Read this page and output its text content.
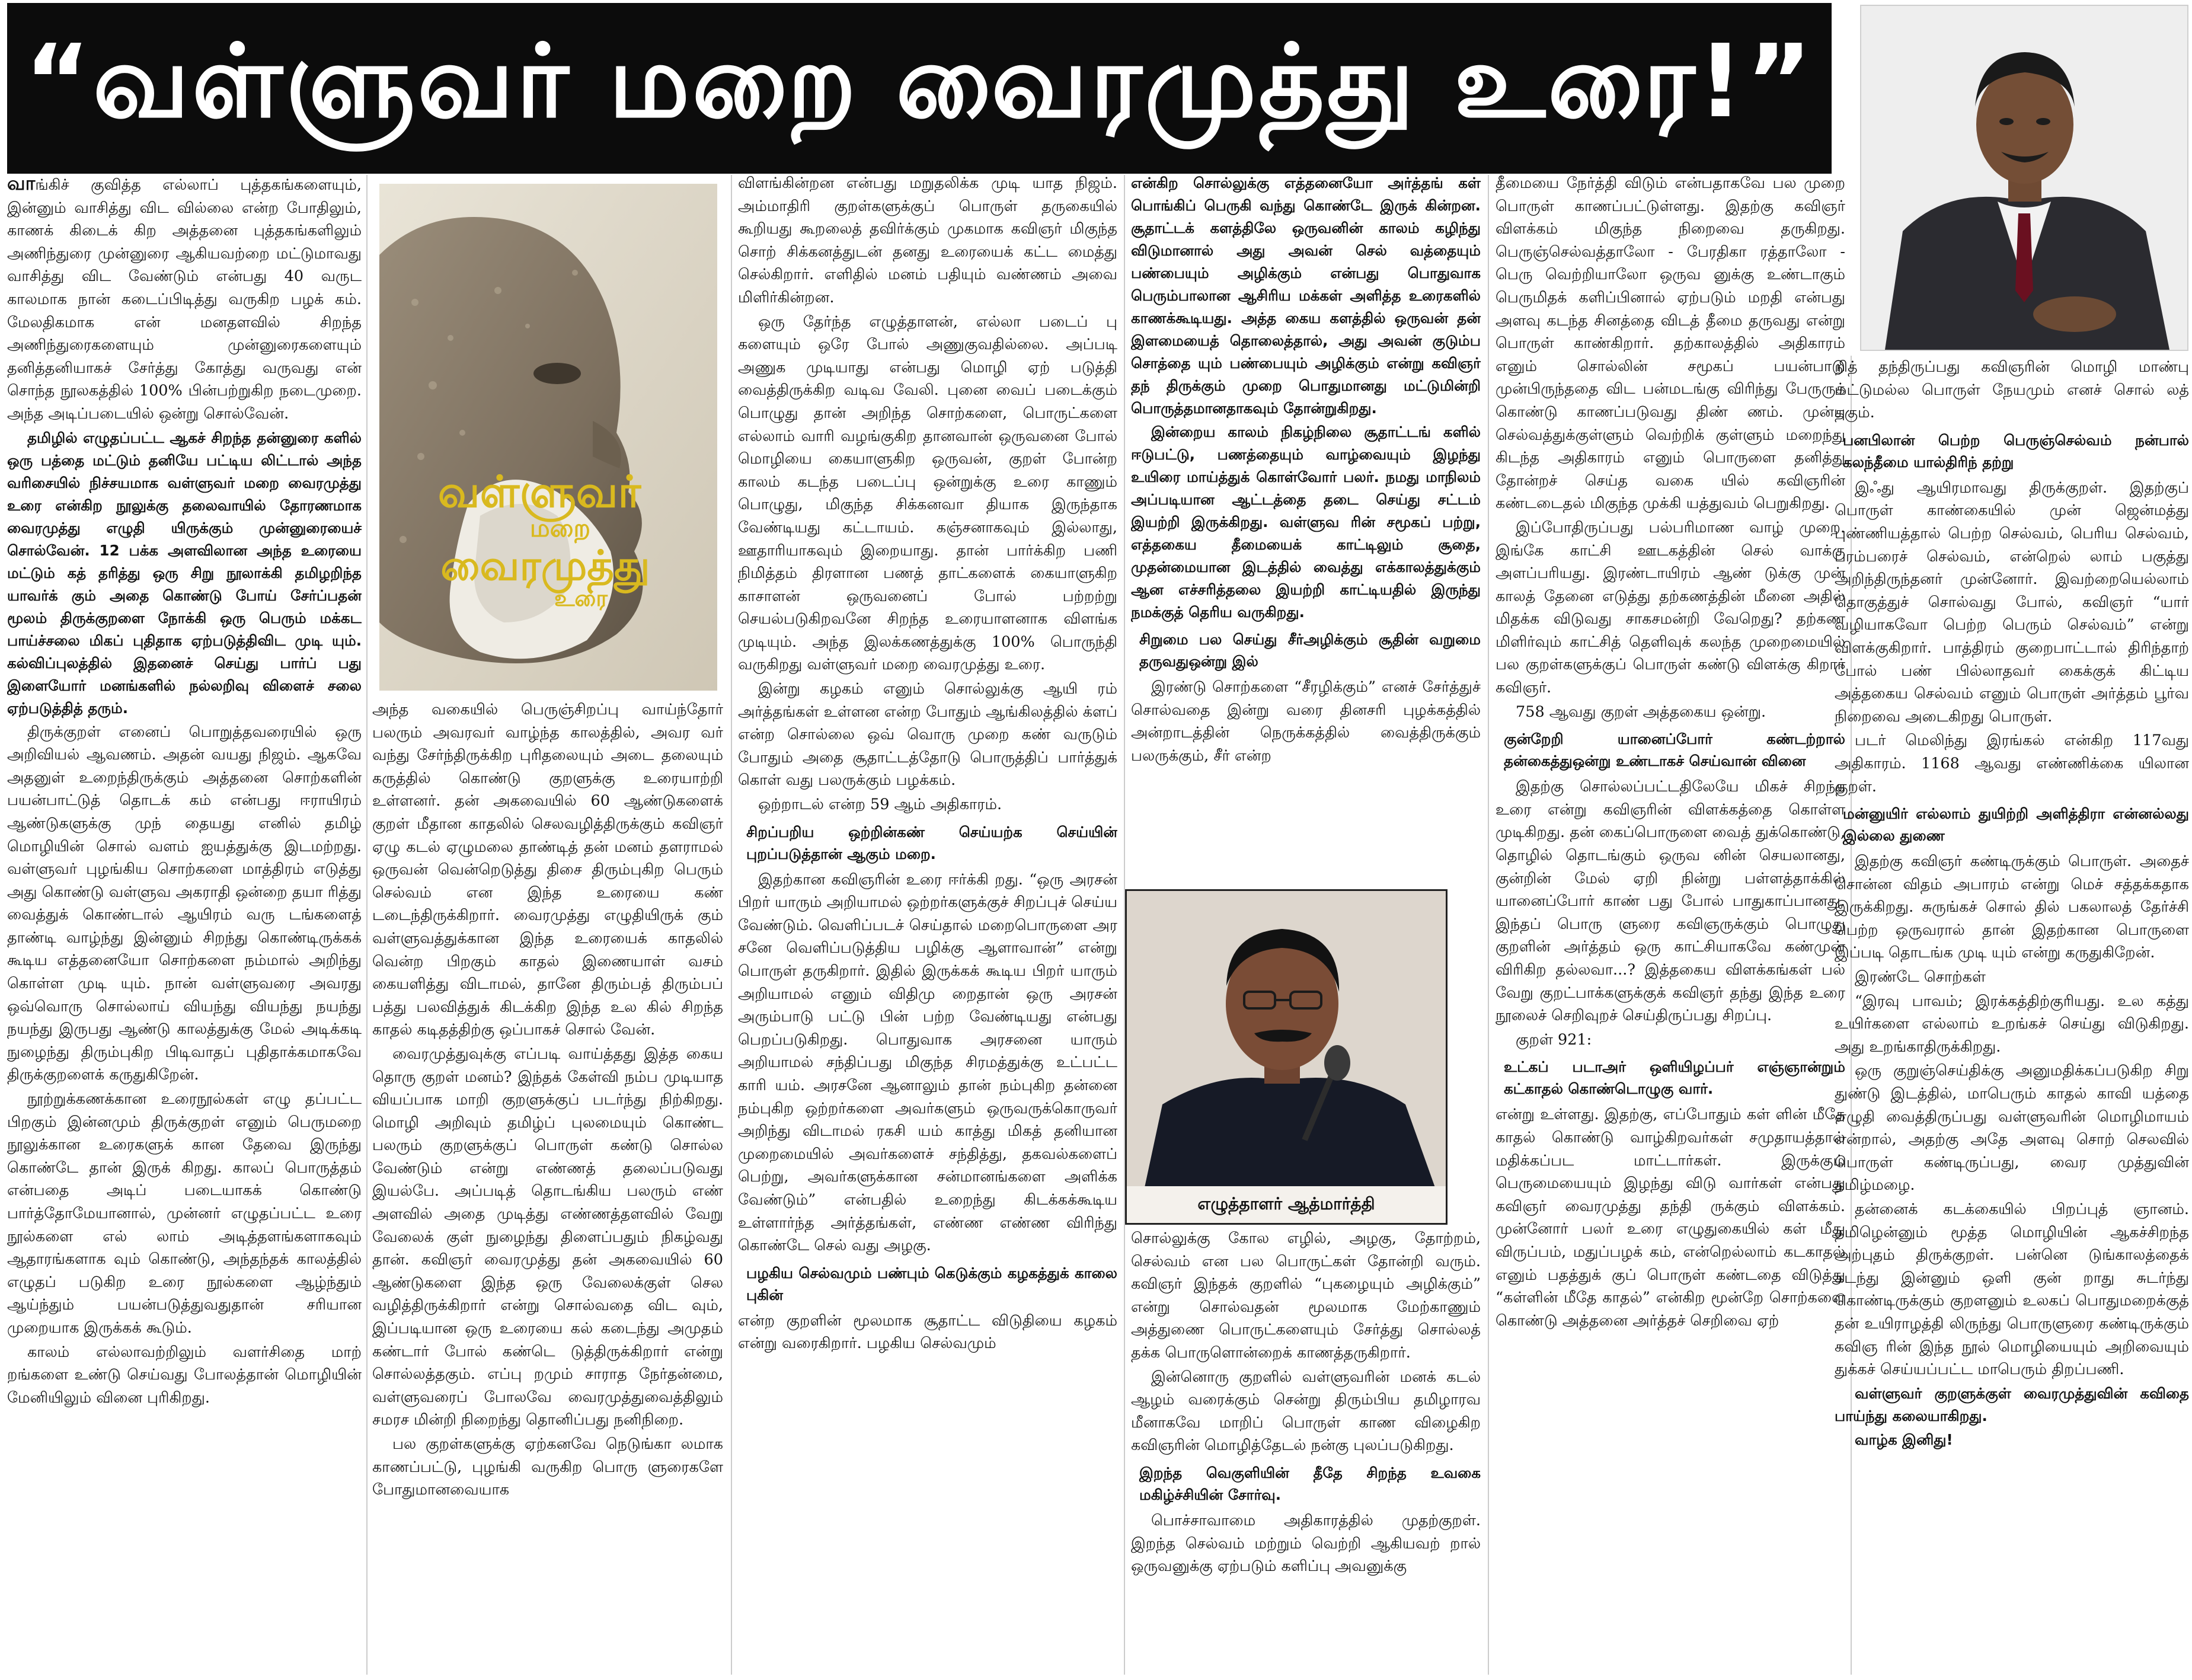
“வள்ளுவர் மறை வைரமுத்து உரை!”
வள்ளுவர்
மறை
வைரமுத்து
உரை
எழுத்தாளர் ஆத்மார்த்தி

வாங்கிச் குவித்த எல்லாப் புத்தகங்களையும், இன்னும் வாசித்து விட வில்லை என்ற போதிலும், காணக் கிடைக் கிற அத்தனை புத்தகங்களிலும் அணிந்துரை முன்னுரை ஆகியவற்றை மட்டுமாவது வாசித்து விட வேண்டும் என்பது 40 வருட காலமாக நான் கடைப்பிடித்து வருகிற பழக் கம். மேலதிகமாக என் மனதளவில் சிறந்த அணிந்துரைகளையும் முன்னுரைகளையும் தனித்தனியாகச் சேர்த்து கோத்து வருவது என் சொந்த நூலகத்தில் 100% பின்பற்றுகிற நடைமுறை. அந்த அடிப்படையில் ஒன்று சொல்வேன்.

தமிழில் எழுதப்பட்ட ஆகச் சிறந்த தன்னுரை களில் ஒரு பத்தை மட்டும் தனியே பட்டிய லிட்டால் அந்த வரிசையில் நிச்சயமாக வள்ளுவர் மறை வைரமுத்து உரை என்கிற நூலுக்கு தலைவாயில் தோரணமாக வைரமுத்து எழுதி யிருக்கும் முன்னுரையைச் சொல்வேன். 12 பக்க அளவிலான அந்த உரையை மட்டும் கத் தரித்து ஒரு சிறு நூலாக்கி தமிழறிந்த யாவர்க் கும் அதை கொண்டு போய் சேர்ப்பதன் மூலம் திருக்குறளை நோக்கி ஒரு பெரும் மக்கட பாய்ச்சலை மிகப் புதிதாக ஏற்படுத்திவிட முடி யும். கல்விப்புலத்தில் இதனைச் செய்து பார்ப் பது இளையோர் மனங்களில் நல்லறிவு விளைச் சலை ஏற்படுத்தித் தரும்.

திருக்குறள் எனைப் பொறுத்தவரையில் ஒரு அறிவியல் ஆவணம். அதன் வயது நிஜம். ஆகவே அதனுள் உறைந்திருக்கும் அத்தனை சொற்களின் பயன்பாட்டுத் தொடக் கம் என்பது ஈராயிரம் ஆண்டுகளுக்கு முந் தையது எனில் தமிழ் மொழியின் சொல் வளம் ஐயத்துக்கு இடமற்றது. வள்ளுவர் புழங்கிய சொற்களை மாத்திரம் எடுத்து அது கொண்டு வள்ளுவ அகராதி ஒன்றை தயா ரித்து வைத்துக் கொண்டால் ஆயிரம் வரு டங்களைத் தாண்டி வாழ்ந்து இன்னும் சிறந்து கொண்டிருக்கக் கூடிய எத்தனையோ சொற்களை நம்மால் அறிந்து கொள்ள முடி யும். நான் வள்ளுவரை அவரது ஒவ்வொரு சொல்லாய் வியந்து வியந்து நயந்து நயந்து இருபது ஆண்டு காலத்துக்கு மேல் அடிக்கடி நுழைந்து திரும்புகிற பிடிவாதப் புதிதாக்கமாகவே திருக்குறளைக் கருதுகிறேன்.

நூற்றுக்கணக்கான உரைநூல்கள் எழு தப்பட்ட பிறகும் இன்னமும் திருக்குறள் எனும் பெருமறை நூலுக்கான உரைகளுக் கான தேவை இருந்து கொண்டே தான் இருக் கிறது. காலப் பொருத்தம் என்பதை அடிப் படையாகக் கொண்டு பார்த்தோமேயானால், முன்னர் எழுதப்பட்ட உரை நூல்களை எல் லாம் அடித்தளங்களாகவும் ஆதாரங்களாக வும் கொண்டு, அந்தந்தக் காலத்தில் எழுதப் படுகிற உரை நூல்களை ஆழ்ந்தும் ஆய்ந்தும் பயன்படுத்துவதுதான் சரியான முறையாக இருக்கக் கூடும்.

காலம் எல்லாவற்றிலும் வளர்சிதை மாற் றங்களை உண்டு செய்வது போலத்தான் மொழியின் மேனியிலும் வினை புரிகிறது.

அந்த வகையில் பெருஞ்சிறப்பு வாய்ந்தோர் பலரும் அவரவர் வாழ்ந்த காலத்தில், அவர வர் வந்து சேர்ந்திருக்கிற புரிதலையும் அடை தலையும் கருத்தில் கொண்டு குறளுக்கு உரையாற்றி உள்ளனர். தன் அகவையில் 60 ஆண்டுகளைக் குறள் மீதான காதலில் செலவழித்திருக்கும் கவிஞர் ஏழு கடல் ஏழுமலை தாண்டித் தன் மனம் தளராமல் ஒருவன் வென்றெடுத்து திசை திரும்புகிற பெரும் செல்வம் என இந்த உரையை கண் டடைந்திருக்கிறார். வைரமுத்து எழுதியிருக் கும் வள்ளுவத்துக்கான இந்த உரையைக் காதலில் வென்ற பிறகும் காதல் இணையாள் வசம் கையளித்து விடாமல், தானே திரும்பத் திரும்பப் பத்து பலவித்துக் கிடக்கிற இந்த உல கில் சிறந்த காதல் கடிதத்திற்கு ஒப்பாகச் சொல் வேன்.

வைரமுத்துவுக்கு எப்படி வாய்த்தது இத்த கைய தொரு குறள் மனம்? இந்தக் கேள்வி நம்ப முடியாத வியப்பாக மாறி குறளுக்குப் படர்ந்து நிற்கிறது. மொழி அறிவும் தமிழ்ப் புலமையும் கொண்ட பலரும் குறளுக்குப் பொருள் கண்டு சொல்ல வேண்டும் என்று எண்ணத் தலைப்படுவது இயல்பே. அப்படித் தொடங்கிய பலரும் எண் அளவில் அதை முடித்து எண்ணத்தளவில் வேறு வேலைக் குள் நுழைந்து திளைப்பதும் நிகழ்வது தான். கவிஞர் வைரமுத்து தன் அகவையில் 60 ஆண்டுகளை இந்த ஒரு வேலைக்குள் செல வழித்திருக்கிறார் என்று சொல்வதை விட வும், இப்படியான ஒரு உரையை கல் கடைந்து அமுதம் கண்டார் போல் கண்டெ டுத்திருக்கிறார் என்று சொல்லத்தகும். எப்பு றமும் சாராத நேர்தன்மை, வள்ளுவரைப் போலவே வைரமுத்துவைத்திலும் சமரச மின்றி நிறைந்து தொனிப்பது நனிநிறை.

பல குறள்களுக்கு ஏற்கனவே நெடுங்கா லமாக காணப்பட்டு, புழங்கி வருகிற பொரு ளுரைகளே போதுமானவையாக

விளங்கின்றன என்பது மறுதலிக்க முடி யாத நிஜம். அம்மாதிரி குறள்களுக்குப் பொருள் தருகையில் கூறியது கூறலைத் தவிர்க்கும் முகமாக கவிஞர் மிகுந்த சொற் சிக்கனத்துடன் தனது உரையைக் கட்ட மைத்து செல்கிறார். எளிதில் மனம் பதியும் வண்ணம் அவை மிளிர்கின்றன.

ஒரு தேர்ந்த எழுத்தாளன், எல்லா படைப் பு களையும் ஒரே போல் அணுகுவதில்லை. அப்படி அணுக முடியாது என்பது மொழி ஏற் படுத்தி வைத்திருக்கிற வடிவ வேலி. புனை வைப் படைக்கும் பொழுது தான் அறிந்த சொற்களை, பொருட்களை எல்லாம் வாரி வழங்குகிற தானவான் ஒருவனை போல் மொழியை கையாளுகிற ஒருவன், குறள் போன்ற காலம் கடந்த படைப்பு ஒன்றுக்கு உரை காணும் பொழுது, மிகுந்த சிக்கனவா தியாக இருந்தாக வேண்டியது கட்டாயம். கஞ்சனாகவும் இல்லாது, ஊதாரியாகவும் இறையாது. தான் பார்க்கிற பணி நிமித்தம் திரளான பணத் தாட்களைக் கையாளுகிற காசாளன் ஒருவனைப் போல் பற்றற்று செயல்படுகிறவனே சிறந்த உரையாளனாக விளங்க முடியும். அந்த இலக்கணத்துக்கு 100% பொருந்தி வருகிறது வள்ளுவர் மறை வைரமுத்து உரை.

இன்று கழகம் எனும் சொல்லுக்கு ஆயி ரம் அர்த்தங்கள் உள்ளன என்ற போதும் ஆங்கிலத்தில் க்ளப் என்ற சொல்லை ஒவ் வொரு முறை கண் வருடும் போதும் அதை சூதாட்டத்தோடு பொருத்திப் பார்த்துக் கொள் வது பலருக்கும் பழக்கம்.

ஒற்றாடல் என்ற 59 ஆம் அதிகாரம்.

சிறப்பறிய ஒற்றின்கண் செய்யற்க செய்யின் புறப்படுத்தான் ஆகும் மறை.

இதற்கான கவிஞரின் உரை ஈர்க்கி றது. “ஒரு அரசன் பிறர் யாரும் அறியாமல் ஒற்றர்களுக்குச் சிறப்புச் செய்ய வேண்டும். வெளிப்படச் செய்தால் மறைபொருளை அர சனே வெளிப்படுத்திய பழிக்கு ஆளாவான்” என்று பொருள் தருகிறார். இதில் இருக்கக் கூடிய பிறர் யாரும் அறியாமல் எனும் விதிமு றைதான் ஒரு அரசன் அரும்பாடு பட்டு பின் பற்ற வேண்டியது என்பது பெறப்படுகிறது. பொதுவாக அரசனை யாரும் அறியாமல் சந்திப்பது மிகுந்த சிரமத்துக்கு உட்பட்ட காரி யம். அரசனே ஆனாலும் தான் நம்புகிற தன்னை நம்புகிற ஒற்றர்களை அவர்களும் ஒருவருக்கொருவர் அறிந்து விடாமல் ரகசி யம் காத்து மிகத் தனியான முறைமையில் அவர்களைச் சந்தித்து, தகவல்களைப் பெற்று, அவர்களுக்கான சன்மானங்களை அளிக்க வேண்டும்” என்பதில் உறைந்து கிடக்கக்கூடிய உள்ளார்ந்த அர்த்தங்கள், எண்ண எண்ண விரிந்து கொண்டே செல் வது அழகு.

பழகிய செல்வமும் பண்பும் கெடுக்கும் கழகத்துக் காலை புகின்

என்ற குறளின் மூலமாக சூதாட்ட விடுதியை கழகம் என்று வரைகிறார். பழகிய செல்வமும்

என்கிற சொல்லுக்கு எத்தனையோ அர்த்தங் கள் பொங்கிப் பெருகி வந்து கொண்டே இருக் கின்றன. சூதாட்டக் களத்திலே ஒருவனின் காலம் கழிந்து விடுமானால் அது அவன் செல் வத்தையும் பண்பையும் அழிக்கும் என்பது பொதுவாக பெரும்பாலான ஆசிரிய மக்கள் அளித்த உரைகளில் காணக்கூடியது. அத்த கைய களத்தில் ஒருவன் தன் இளமையைத் தொலைத்தால், அது அவன் குடும்ப சொத்தை யும் பண்பையும் அழிக்கும் என்று கவிஞர் தந் திருக்கும் முறை பொதுமானது மட்டுமின்றி பொருத்தமானதாகவும் தோன்றுகிறது.

இன்றைய காலம் நிகழ்நிலை சூதாட்டங் களில் ஈடுபட்டு, பணத்தையும் வாழ்வையும் இழந்து உயிரை மாய்த்துக் கொள்வோர் பலர். நமது மாநிலம் அப்படியான ஆட்டத்தை தடை செய்து சட்டம் இயற்றி இருக்கிறது. வள்ளுவ ரின் சமூகப் பற்று, எத்தகைய தீமையைக் காட்டிலும் சூதை, முதன்மையான இடத்தில் வைத்து எக்காலத்துக்கும் ஆன எச்சரித்தலை இயற்றி காட்டியதில் இருந்து நமக்குத் தெரிய வருகிறது.

சிறுமை பல செய்து சீர்அழிக்கும் சூதின் வறுமை தருவதுஒன்று இல்

இரண்டு சொற்களை “சீரழிக்கும்” எனச் சேர்த்துச் சொல்வதை இன்று வரை தினசரி புழக்கத்தில் அன்றாடத்தின் நெருக்கத்தில் வைத்திருக்கும் பலருக்கும், சீர் என்ற

சொல்லுக்கு கோல எழில், அழகு, தோற்றம், செல்வம் என பல பொருட்கள் தோன்றி வரும். கவிஞர் இந்தக் குறளில் “புகழையும் அழிக்கும்” என்று சொல்வதன் மூலமாக மேற்காணும் அத்துணை பொருட்களையும் சேர்த்து சொல்லத் தக்க பொருளொன்றைக் காணத்தருகிறார்.

இன்னொரு குறளில் வள்ளுவரின் மனக் கடல் ஆழம் வரைக்கும் சென்று திரும்பிய தமிழாரவ மீனாகவே மாறிப் பொருள் காண விழைகிற கவிஞரின் மொழித்தேடல் நன்கு புலப்படுகிறது.

இறந்த வெகுளியின் தீதே சிறந்த உவகை மகிழ்ச்சியின் சோர்வு.

பொச்சாவாமை அதிகாரத்தில் முதற்குறள். இறந்த செல்வம் மற்றும் வெற்றி ஆகியவற் றால் ஒருவனுக்கு ஏற்படும் களிப்பு அவனுக்கு

தீமையை நேர்த்தி விடும் என்பதாகவே பல முறை பொருள் காணப்பட்டுள்ளது. இதற்கு கவிஞர் விளக்கம் மிகுந்த நிறைவை தருகிறது. பெருஞ்செல்வத்தாலோ - பேரதிகா ரத்தாலோ - பெரு வெற்றியாலோ ஒருவ னுக்கு உண்டாகும் பெருமிதக் களிப்பினால் ஏற்படும் மறதி என்பது அளவு கடந்த சினத்தை விடத் தீமை தருவது என்று பொருள் காண்கிறார். தற்காலத்தில் அதிகாரம் எனும் சொல்லின் சமூகப் பயன்பாடு முன்பிருந்ததை விட பன்மடங்கு விரிந்து பேருருக் கொண்டு காணப்படுவது திண் ணம். முன்பு செல்வத்துக்குள்ளும் வெற்றிக் குள்ளும் மறைந்து கிடந்த அதிகாரம் எனும் பொருளை தனித்து தோன்றச் செய்த வகை யில் கவிஞரின் கண்டடைதல் மிகுந்த முக்கி யத்துவம் பெறுகிறது.

இப்போதிருப்பது பல்பரிமாண வாழ் முறை. இங்கே காட்சி ஊடகத்தின் செல் வாக்கு அளப்பரியது. இரண்டாயிரம் ஆண் டுக்கு முன் காலத் தேனை எடுத்து தற்கணத்தின் மீனை அதில் மிதக்க விடுவது சாகசமன்றி வேறெது? தற்கண மிளிர்வும் காட்சித் தெளிவுக் கலந்த முறைமையில் பல குறள்களுக்குப் பொருள் கண்டு விளக்கு கிறார் கவிஞர்.

758 ஆவது குறள் அத்தகைய ஒன்று.

குன்றேறி யானைப்போர் கண்டற்றால் தன்கைத்துஒன்று உண்டாகச் செய்வான் வினை

இதற்கு சொல்லப்பட்டதிலேயே மிகச் சிறந்த உரை என்று கவிஞரின் விளக்கத்தை கொள்ள முடிகிறது. தன் கைப்பொருளை வைத் துக்கொண்டு, தொழில் தொடங்கும் ஒருவ னின் செயலானது, குன்றின் மேல் ஏறி நின்று பள்ளத்தாக்கில் யானைப்போர் காண் பது போல் பாதுகாப்பானது. இந்தப் பொரு ளுரை கவிஞருக்கும் பொழுது குறளின் அர்த்தம் ஒரு காட்சியாகவே கண்முன் விரிகிற தல்லவா...? இத்தகைய விளக்கங்கள் பல் வேறு குறட்பாக்களுக்குக் கவிஞர் தந்து இந்த உரை நூலைச் செறிவுறச் செய்திருப்பது சிறப்பு.

குறள் 921:

உட்கப் படாஅர் ஒளியிழப்பர் எஞ்ஞான்றும் கட்காதல் கொண்டொழுகு வார்.

என்று உள்ளது. இதற்கு, எப்போதும் கள் ளின் மீதே காதல் கொண்டு வாழ்கிறவர்கள் சமுதாயத்தால் மதிக்கப்பட மாட்டார்கள். இருக்கும் பெருமையையும் இழந்து விடு வார்கள் என்பது கவிஞர் வைரமுத்து தந்தி ருக்கும் விளக்கம். முன்னோர் பலர் உரை எழுதுகையில் கள் மீது விருப்பம், மதுப்பழக் கம், என்றெல்லாம் கடகாதல் எனும் பதத்துக் குப் பொருள் கண்டதை விடுத்து “கள்ளின் மீதே காதல்” என்கிற மூன்றே சொற்களை கொண்டு அத்தனை அர்த்தச் செறிவை ஏற்

றித் தந்திருப்பது கவிஞரின் மொழி மாண்பு மட்டுமல்ல பொருள் நேயமும் எனச் சொல் லத் தகும்.

பனபிலான் பெற்ற பெருஞ்செல்வம் நன்பால் கலந்தீமை யால்திரிந் தற்று

இஃது ஆயிரமாவது திருக்குறள். இதற்குப் பொருள் காண்கையில் முன் ஜென்மத்து புண்ணியத்தால் பெற்ற செல்வம், பெரிய செல்வம், பரம்பரைச் செல்வம், என்றெல் லாம் பகுத்து அறிந்திருந்தனர் முன்னோர். இவற்றையெல்லாம் தொகுத்துச் சொல்வது போல், கவிஞர் “யார் வழியாகவோ பெற்ற பெரும் செல்வம்” என்று விளக்குகிறார். பாத்திரம் குறைபாட்டால் திரிந்தாற் போல் பண் பில்லாதவர் கைக்குக் கிட்டிய அத்தகைய செல்வம் எனும் பொருள் அர்த்தம் பூர்வ நிறைவை அடைகிறது பொருள்.

படர் மெலிந்து இரங்கல் என்கிற 117வது அதிகாரம். 1168 ஆவது எண்ணிக்கை யிலான குறள்.

மன்னுயிர் எல்லாம் துயிற்றி அளித்திரா என்னல்லது இல்லை துணை

இதற்கு கவிஞர் கண்டிருக்கும் பொருள். அதைச் சொன்ன விதம் அபாரம் என்று மெச் சத்தக்கதாக இருக்கிறது. சுருங்கச் சொல் தில் பகலாலத் தேர்ச்சி பெற்ற ஒருவரால் தான் இதற்கான பொருளை இப்படி தொடங்க முடி யும் என்று கருதுகிறேன்.

இரண்டே சொற்கள்

“இரவு பாவம்; இரக்கத்திற்குரியது. உல கத்து உயிர்களை எல்லாம் உறங்கச் செய்து விடுகிறது. அது உறங்காதிருக்கிறது.

ஒரு குறுஞ்செய்திக்கு அனுமதிக்கப்படுகிற சிறு துண்டு இடத்தில், மாபெரும் காதல் காவி யத்தை எழுதி வைத்திருப்பது வள்ளுவரின் மொழிமாயம் என்றால், அதற்கு அதே அளவு சொற் செலவில் பொருள் கண்டிருப்பது, வைர முத்துவின் தமிழ்மழை.

தன்னைக் கடக்கையில் பிறப்புத் ஞானம். தமிழென்னும் மூத்த மொழியின் ஆகச்சிறந்த அற்புதம் திருக்குறள். பன்னெ டுங்காலத்தைக் கடந்து இன்னும் ஒளி குன் றாது சுடர்ந்து கொண்டிருக்கும் குறளனும் உலகப் பொதுமறைக்குத் தன் உயிராழத்தி லிருந்து பொருளுரை கண்டிருக்கும் கவிஞ ரின் இந்த நூல் மொழியையும் அறிவையும் துக்கச் செய்யப்பட்ட மாபெரும் திறப்பணி.

வள்ளுவர் குறளுக்குள் வைரமுத்துவின் கவிதை பாய்ந்து கலையாகிறது.

வாழ்க இனிது!
